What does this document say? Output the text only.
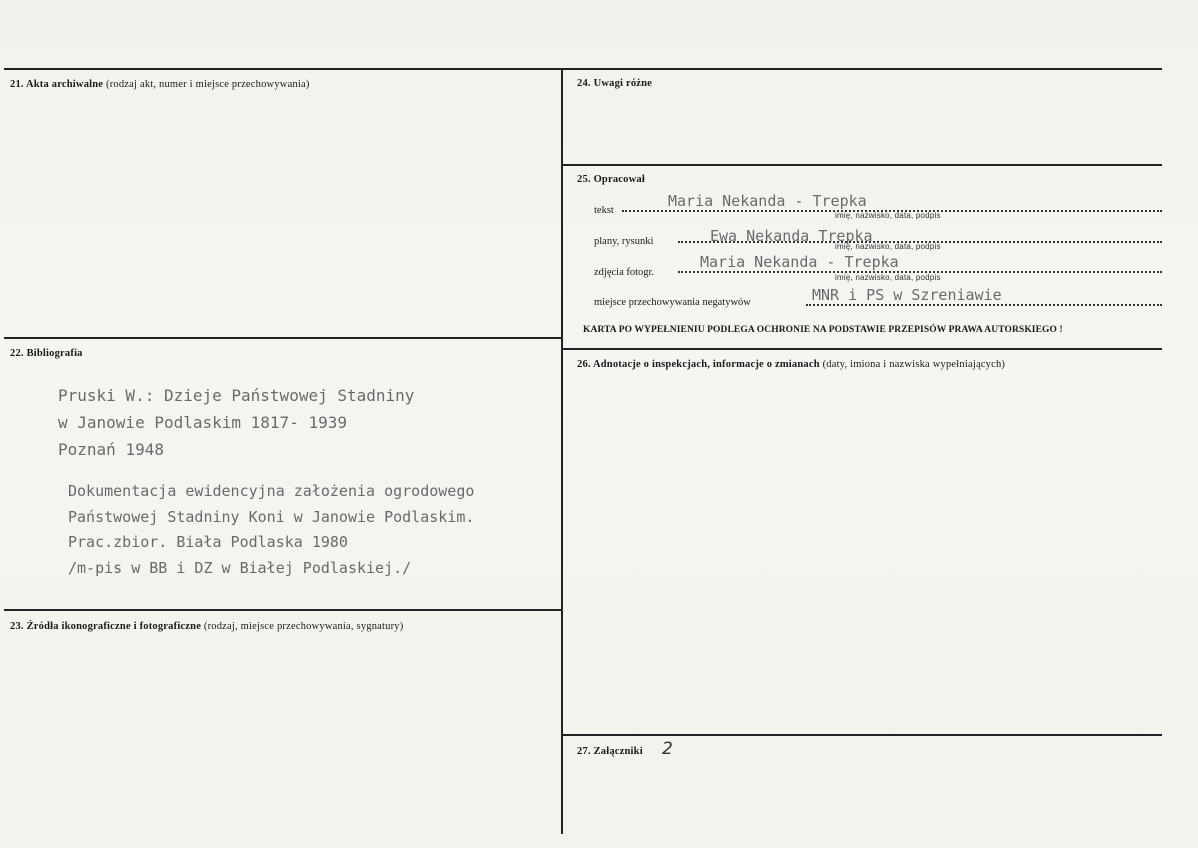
21. Akta archiwalne (rodzaj akt, numer i miejsce przechowywania)
22. Bibliografia
Pruski W.: Dzieje Państwowej Stadniny
w Janowie Podlaskim 1817- 1939
Poznań 1948
Dokumentacja ewidencyjna założenia ogrodowego
Państwowej Stadniny Koni w Janowie Podlaskim.
Prac.zbior. Biała Podlaska 1980
/m-pis w BB i DZ w Białej Podlaskiej./
23. Źródła ikonograficzne i fotograficzne (rodzaj, miejsce przechowywania, sygnatury)
24. Uwagi różne
25. Opracował
tekst
Maria Nekanda - Trepka
imię, nazwisko, data, podpis
plany, rysunki	Ewa Nekanda Trepka
imię, nazwisko, data, podpis
zdjęcia fotogr.
Maria Nekanda - Trepka
imię, nazwisko, data, podpis
miejsce przechowywania negatywów	MNR i PS w Szreniawie
KARTA PO WYPEŁNIENIU PODLEGA OCHRONIE NA PODSTAWIE PRZEPISÓW PRAWA AUTORSKIEGO !
26. Adnotacje o inspekcjach, informacje o zmianach (daty, imiona i nazwiska wypełniających)
27. Załączniki 2
